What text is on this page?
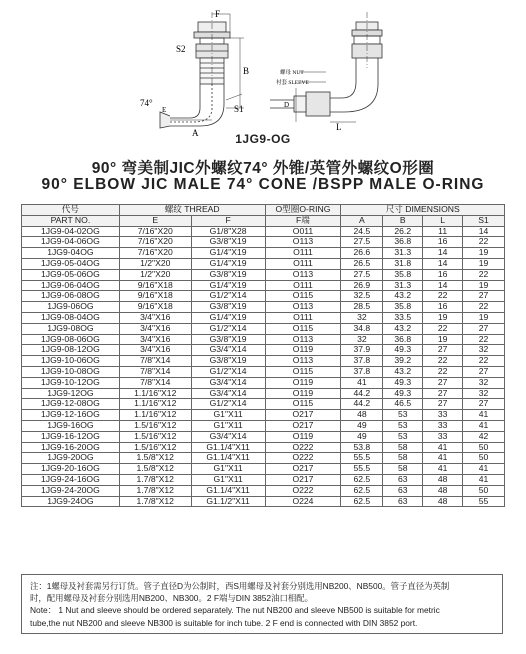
F
S2
B
74°
E	S1
A
螺母 NUT
衬套 SLEEVE
D
L
1JG9-OG
90° 弯美制JIC外螺纹74° 外锥/英管外螺纹O形圈
90° ELBOW JIC MALE 74° CONE /BSPP MALE O-RING
代号	螺纹 THREAD		O型圈O-RING	尺寸 DIMENSIONS			
PART NO.	E	F	F端	A	B	L	S1
1JG9-04-02OG	7/16"X20	G1/8"X28	O011	24.5	26.2	11	14
1JG9-04-06OG	7/16"X20	G3/8"X19	O113	27.5	36.8	16	22
1JG9-04OG	7/16"X20	G1/4"X19	O111	26.6	31.3	14	19
1JG9-05-04OG	1/2"X20	G1/4"X19	O111	26.5	31.8	14	19
1JG9-05-06OG	1/2"X20	G3/8"X19	O113	27.5	35.8	16	22
1JG9-06-04OG	9/16"X18	G1/4"X19	O111	26.9	31.3	14	19
1JG9-06-08OG	9/16"X18	G1/2"X14	O115	32.5	43.2	22	27
1JG9-06OG	9/16"X18	G3/8"X19	O113	28.5	35.8	16	22
1JG9-08-04OG	3/4"X16	G1/4"X19	O111	32	33.5	19	19
1JG9-08OG	3/4"X16	G1/2"X14	O115	34.8	43.2	22	27
1JG9-08-06OG	3/4"X16	G3/8"X19	O113	32	36.8	19	22
1JG9-08-12OG	3/4"X16	G3/4"X14	O119	37.9	49.3	27	32
1JG9-10-06OG	7/8"X14	G3/8"X19	O113	37.8	39.2	22	22
1JG9-10-08OG	7/8"X14	G1/2"X14	O115	37.8	43.2	22	27
1JG9-10-12OG	7/8"X14	G3/4"X14	O119	41	49.3	27	32
1JG9-12OG	1.1/16"X12	G3/4"X14	O119	44.2	49.3	27	32
1JG9-12-08OG	1.1/16"X12	G1/2"X14	O115	44.2	46.5	27	27
1JG9-12-16OG	1.1/16"X12	G1"X11	O217	48	53	33	41
1JG9-16OG	1.5/16"X12	G1"X11	O217	49	53	33	41
1JG9-16-12OG	1.5/16"X12	G3/4"X14	O119	49	53	33	42
1JG9-16-20OG	1.5/16"X12	G1.1/4"X11	O222	53.8	58	41	50
1JG9-20OG	1.5/8"X12	G1.1/4"X11	O222	55.5	58	41	50
1JG9-20-16OG	1.5/8"X12	G1"X11	O217	55.5	58	41	41
1JG9-24-16OG	1.7/8"X12	G1"X11	O217	62.5	63	48	41
1JG9-24-20OG	1.7/8"X12	G1.1/4"X11	O222	62.5	63	48	50
1JG9-24OG	1.7/8"X12	G1.1/2"X11	O224	62.5	63	48	55
注：1螺母及衬套需另行订货。管子直径D为公制时，西S用螺母及衬套分别选用NB200、NB500。管子直径为英制
时，配用螺母及衬套分别选用NB200、NB300。2 F端与DIN 3852油口相配。
Note： 1 Nut and sleeve should be ordered separately. The nut NB200 and sleeve NB500 is suitable for metric
tube,the nut NB200 and sleeve NB300 is suitable for inch tube. 2 F end is connected with DIN 3852 port.
